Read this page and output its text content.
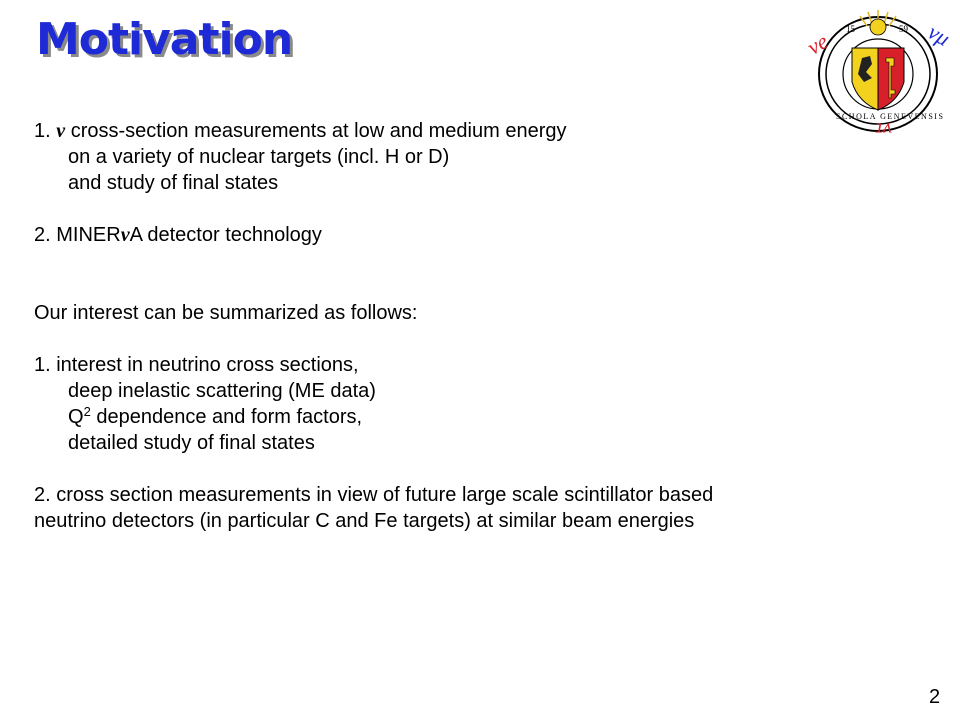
Motivation	15	59
SCHOLA GENEVENSIS
νe	νμ
ντ
1. ν cross-section measurements at low and medium energy
on a variety of nuclear targets (incl. H or D)
and study of final states
2. MINERνA detector technology
Our interest can be summarized as follows:
1. interest in neutrino cross sections,
deep inelastic scattering (ME data)
$Q^2$ dependence and form factors,
detailed study of final states
2. cross section measurements in view of future large scale scintillator based
neutrino detectors (in particular C and Fe targets) at similar beam energies
2
